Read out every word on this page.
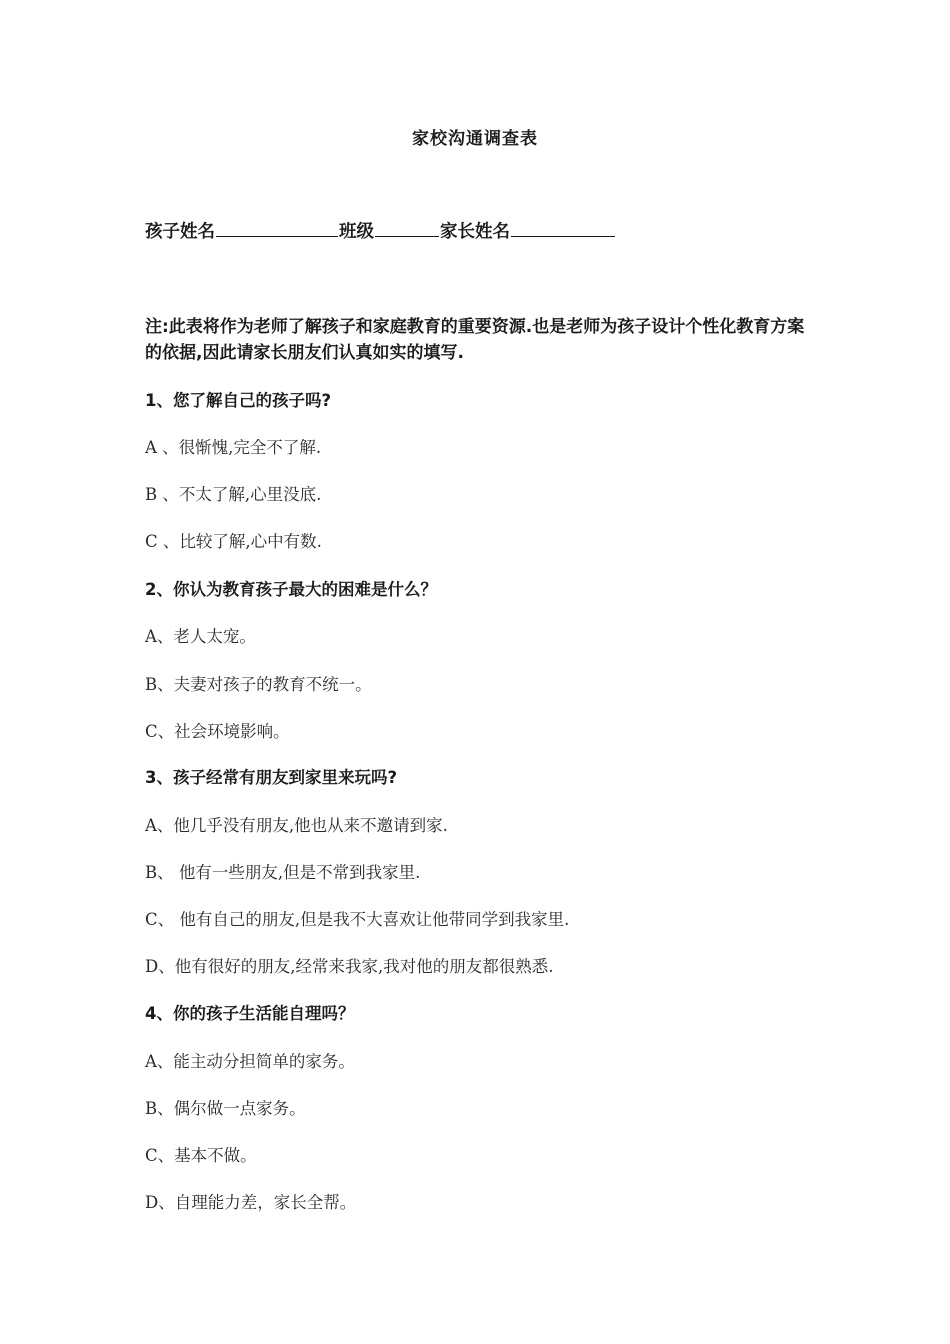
家校沟通调查表
孩子姓名	班级	家长姓名
注:此表将作为老师了解孩子和家庭教育的重要资源.也是老师为孩子设计个性化教育方案的依据,因此请家长朋友们认真如实的填写.
1、您了解自己的孩子吗?
A 、很惭愧,完全不了解.
B 、不太了解,心里没底.
C 、比较了解,心中有数.
2、你认为教育孩子最大的困难是什么？
A、老人太宠。
B、夫妻对孩子的教育不统一。
C、社会环境影响。
3、孩子经常有朋友到家里来玩吗?
A、他几乎没有朋友,他也从来不邀请到家.
B、 他有一些朋友,但是不常到我家里.
C、 他有自己的朋友,但是我不大喜欢让他带同学到我家里.
D、他有很好的朋友,经常来我家,我对他的朋友都很熟悉.
4、你的孩子生活能自理吗？
A、能主动分担简单的家务。
B、偶尔做一点家务。
C、基本不做。
D、自理能力差，家长全帮。
